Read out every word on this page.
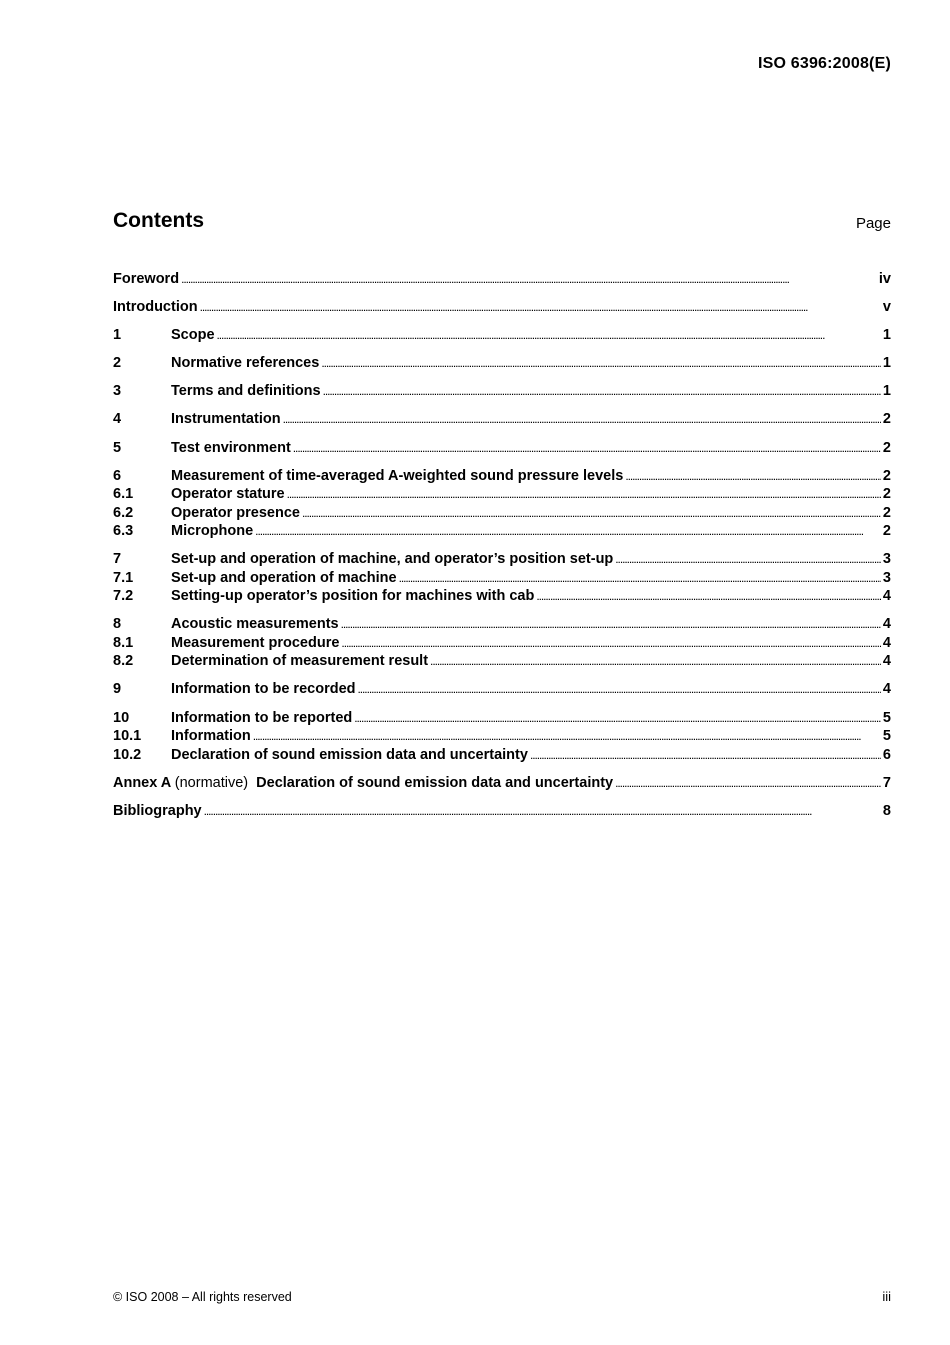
ISO 6396:2008(E)
Contents	Page
Foreword . . .	iv
Introduction . . .	v
1	Scope . . .	1
2	Normative references . . .	1
3	Terms and definitions . . .	1
4	Instrumentation . . .	2
5	Test environment . . .	2
6	Measurement of time-averaged A-weighted sound pressure levels . . .	2
6.1	Operator stature . . .	2
6.2	Operator presence . . .	2
6.3	Microphone . . .	2
7	Set-up and operation of machine, and operator’s position set-up . . .	3
7.1	Set-up and operation of machine . . .	3
7.2	Setting-up operator’s position for machines with cab . . .	4
8	Acoustic measurements . . .	4
8.1	Measurement procedure . . .	4
8.2	Determination of measurement result . . .	4
9	Information to be recorded . . .	4
10	Information to be reported . . .	5
10.1	Information . . .	5
10.2	Declaration of sound emission data and uncertainty . . .	6
Annex A (normative) Declaration of sound emission data and uncertainty . . .	7
Bibliography . . .	8
© ISO 2008 – All rights reserved	iii
